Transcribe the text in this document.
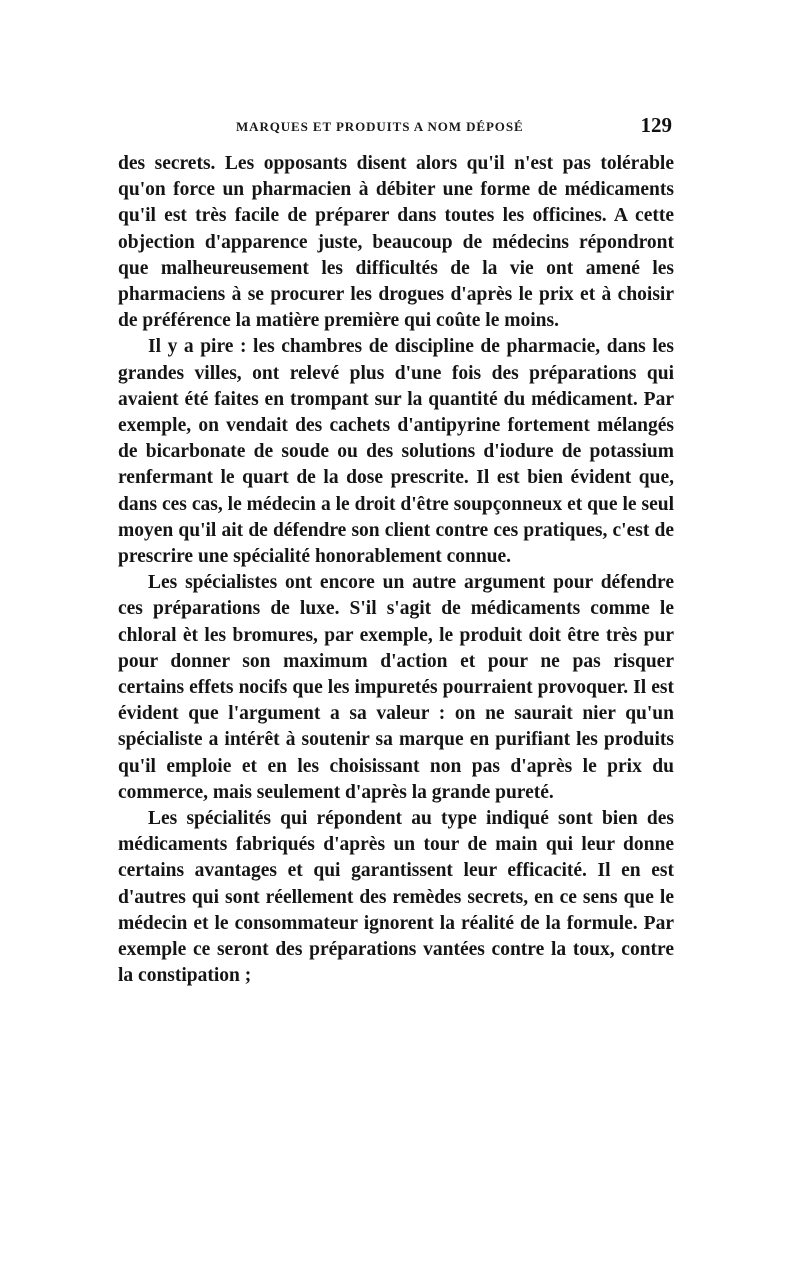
MARQUES ET PRODUITS A NOM DÉPOSÉ	129

des secrets. Les opposants disent alors qu'il n'est pas tolérable qu'on force un pharmacien à débiter une forme de médicaments qu'il est très facile de préparer dans toutes les officines. A cette objection d'apparence juste, beaucoup de médecins répondront que malheureusement les difficultés de la vie ont amené les pharmaciens à se procurer les drogues d'après le prix et à choisir de préférence la matière première qui coûte le moins.

Il y a pire : les chambres de discipline de pharmacie, dans les grandes villes, ont relevé plus d'une fois des préparations qui avaient été faites en trompant sur la quantité du médicament. Par exemple, on vendait des cachets d'antipyrine fortement mélangés de bicarbonate de soude ou des solutions d'iodure de potassium renfermant le quart de la dose prescrite. Il est bien évident que, dans ces cas, le médecin a le droit d'être soupçonneux et que le seul moyen qu'il ait de défendre son client contre ces pratiques, c'est de prescrire une spécialité honorablement connue.

Les spécialistes ont encore un autre argument pour défendre ces préparations de luxe. S'il s'agit de médicaments comme le chloral èt les bromures, par exemple, le produit doit être très pur pour donner son maximum d'action et pour ne pas risquer certains effets nocifs que les impuretés pourraient provoquer. Il est évident que l'argument a sa valeur : on ne saurait nier qu'un spécialiste a intérêt à soutenir sa marque en purifiant les produits qu'il emploie et en les choisissant non pas d'après le prix du commerce, mais seulement d'après la grande pureté.

Les spécialités qui répondent au type indiqué sont bien des médicaments fabriqués d'après un tour de main qui leur donne certains avantages et qui garantissent leur efficacité. Il en est d'autres qui sont réellement des remèdes secrets, en ce sens que le médecin et le consommateur ignorent la réalité de la formule. Par exemple ce seront des préparations vantées contre la toux, contre la constipation ;
